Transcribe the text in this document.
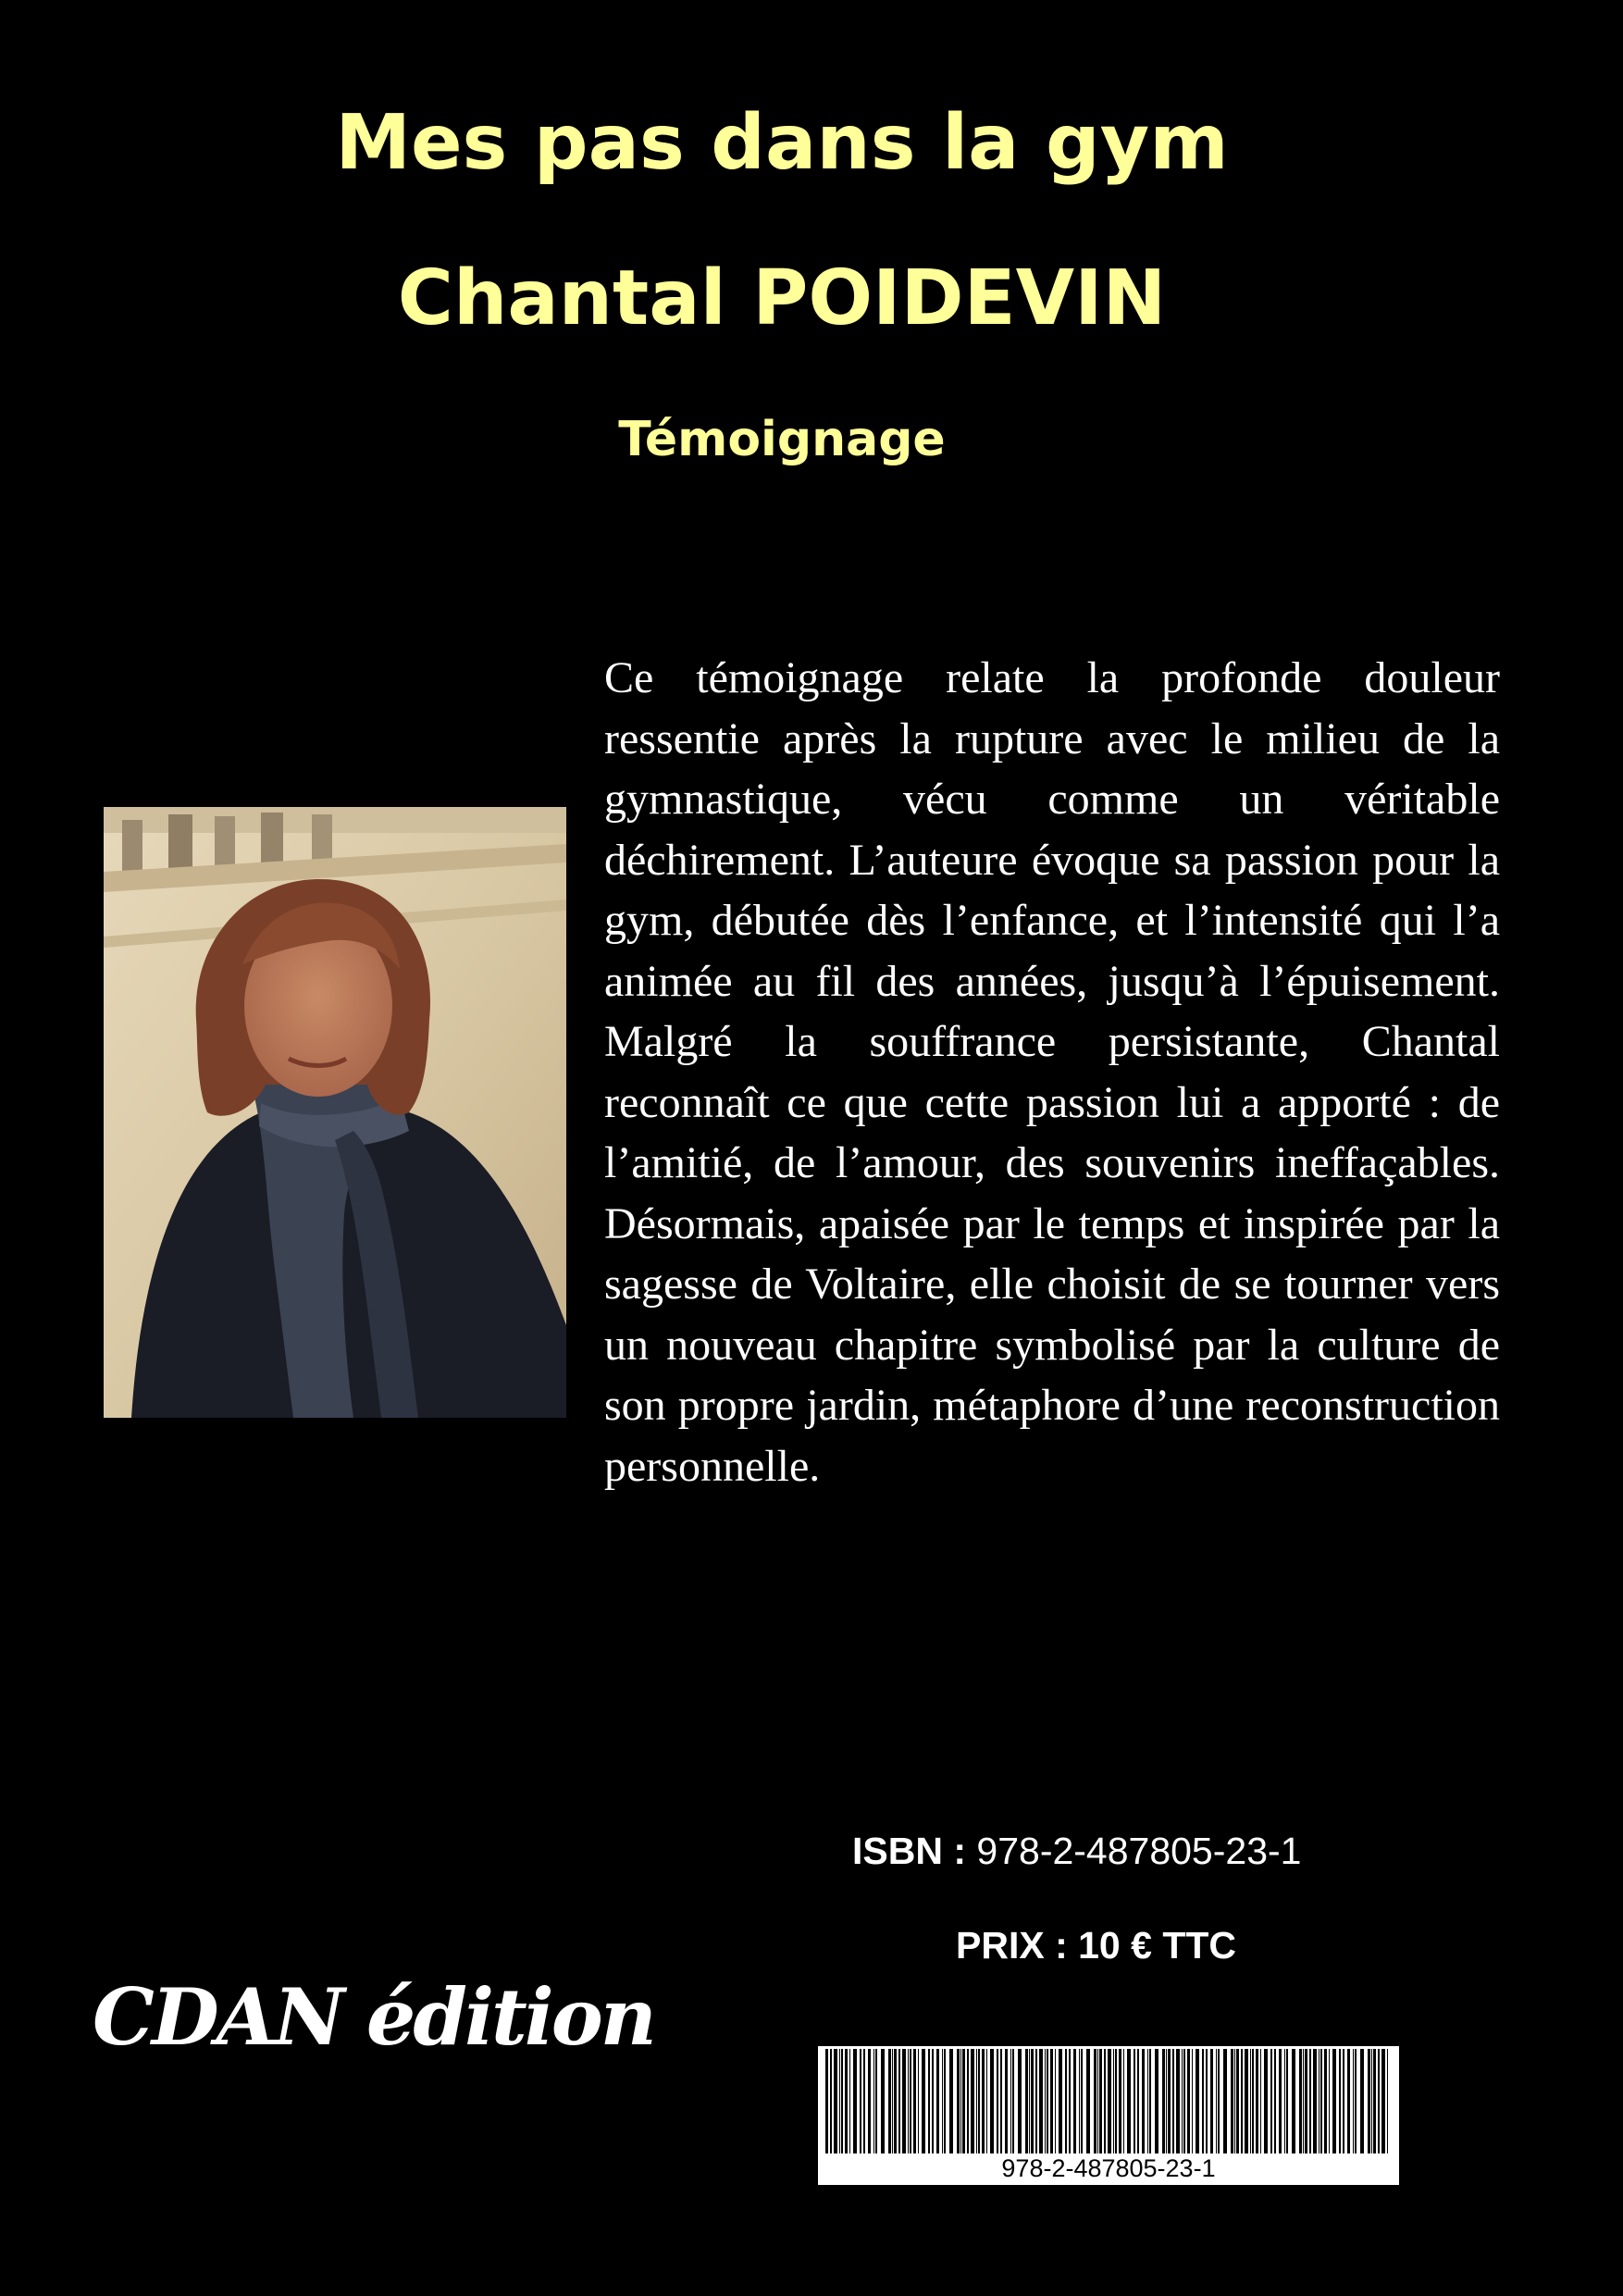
Mes pas dans la gym
Chantal POIDEVIN
Témoignage

Ce témoignage relate la profonde douleur ressentie après la rupture avec le milieu de la gymnastique, vécu comme un véritable déchirement. L’auteure évoque sa passion pour la gym, débutée dès l’enfance, et l’intensité qui l’a animée au fil des années, jusqu’à l’épuisement. Malgré la souffrance persistante, Chantal reconnaît ce que cette passion lui a apporté : de l’amitié, de l’amour, des souvenirs ineffaçables. Désormais, apaisée par le temps et inspirée par la sagesse de Voltaire, elle choisit de se tourner vers un nouveau chapitre symbolisé par la culture de son propre jardin, métaphore d’une reconstruction personnelle.

ISBN : 978-2-487805-23-1
PRIX : 10 € TTC
CDAN édition
978-2-487805-23-1
